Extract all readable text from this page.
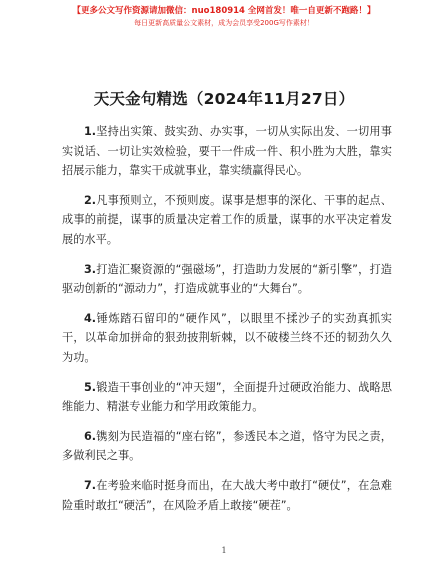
【更多公文写作资源请加微信：nuo180914 全网首发！唯一自更新不跑路！】
每日更新高质量公文素材，成为会员享受200G写作素材！
天天金句精选（2024年11月27日）

1.坚持出实策、鼓实劲、办实事，一切从实际出发、一切用事实说话、一切让实效检验，要干一件成一件、积小胜为大胜，靠实招展示能力，靠实干成就事业，靠实绩赢得民心。

2.凡事预则立，不预则废。谋事是想事的深化、干事的起点、成事的前提，谋事的质量决定着工作的质量，谋事的水平决定着发展的水平。

3.打造汇聚资源的“强磁场”，打造助力发展的“新引擎”，打造驱动创新的“源动力”，打造成就事业的“大舞台”。

4.锤炼踏石留印的“硬作风”，以眼里不揉沙子的实劲真抓实干，以革命加拼命的狠劲披荆斩棘，以不破楼兰终不还的韧劲久久为功。

5.锻造干事创业的“冲天翅”，全面提升过硬政治能力、战略思维能力、精湛专业能力和学用政策能力。

6.镌刻为民造福的“座右铭”，参透民本之道，恪守为民之责，多做利民之事。

7.在考验来临时挺身而出，在大战大考中敢打“硬仗”，在急难险重时敢扛“硬活”，在风险矛盾上敢接“硬茬”。

1
